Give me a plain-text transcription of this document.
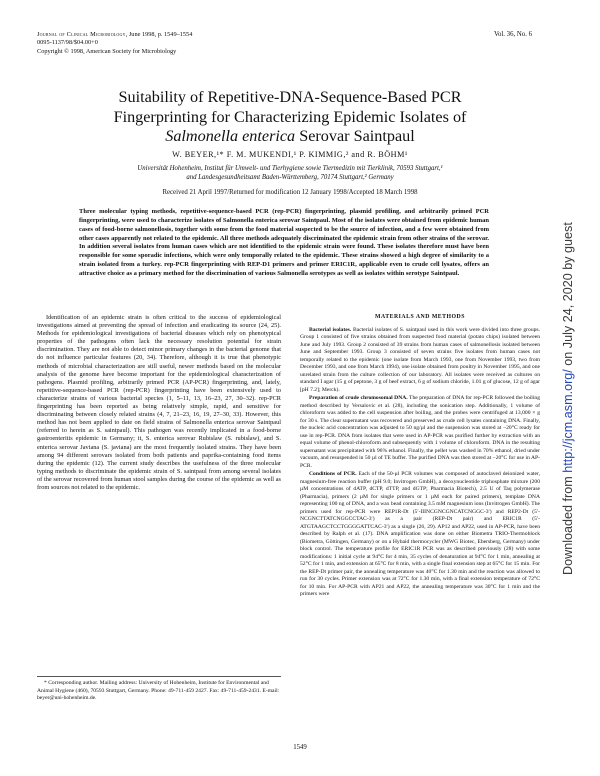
Journal of Clinical Microbiology, June 1998, p. 1549–1554
0095-1137/98/$04.00+0
Copyright © 1998, American Society for Microbiology
Vol. 36, No. 6
Suitability of Repetitive-DNA-Sequence-Based PCR
Fingerprinting for Characterizing Epidemic Isolates of
Salmonella enterica Serovar Saintpaul
W. BEYER,¹* F. M. MUKENDI,¹ P. KIMMIG,² and R. BÖHM¹
Universität Hohenheim, Institut für Umwelt- und Tierhygiene sowie Tiermedizin mit Tierklinik, 70593 Stuttgart,¹
and Landesgesundheitsamt Baden-Württemberg, 70174 Stuttgart,² Germany
Received 21 April 1997/Returned for modification 12 January 1998/Accepted 18 March 1998
Three molecular typing methods, repetitive-sequence-based PCR (rep-PCR) fingerprinting, plasmid profiling, and arbitrarily primed PCR fingerprinting, were used to characterize isolates of Salmonella enterica serovar Saintpaul. Most of the isolates were obtained from epidemic human cases of food-borne salmonellosis, together with some from the food material suspected to be the source of infection, and a few were obtained from other cases apparently not related to the epidemic. All three methods adequately discriminated the epidemic strain from other strains of the serovar. In addition several isolates from human cases which are not identified to the epidemic strain were found. These isolates therefore must have been responsible for some sporadic infections, which were only temporally related to the epidemic. These strains showed a high degree of similarity to a strain isolated from a turkey. rep-PCR fingerprinting with REP-D1 primers and primer ERIC1R, applicable even to crude cell lysates, offers an attractive choice as a primary method for the discrimination of various Salmonella serotypes as well as isolates within serotype Saintpaul.

Identification of an epidemic strain is often critical to the success of epidemiological investigations aimed at preventing the spread of infection and eradicating its source (24, 25). Methods for epidemiological investigations of bacterial diseases which rely on phenotypical properties of the pathogens often lack the necessary resolution potential for strain discrimination. They are not able to detect minor primary changes in the bacterial genome that do not influence particular features (20, 34). Therefore, although it is true that phenotypic methods of microbial characterization are still useful, newer methods based on the molecular analysis of the genome have become important for the epidemiological characterization of pathogens. Plasmid profiling, arbitrarily primed PCR (AP-PCR) fingerprinting, and, lately, repetitive-sequence-based PCR (rep-PCR) fingerprinting have been extensively used to characterize strains of various bacterial species (1, 5–11, 13, 16–23, 27, 30–32). rep-PCR fingerprinting has been reported as being relatively simple, rapid, and sensitive for discriminating between closely related strains (4, 7, 21–23, 16, 19, 27–30, 33). However, this method has not been applied to date on field strains of Salmonella enterica serovar Saintpaul (referred to herein as S. saintpaul). This pathogen was recently implicated in a food-borne gastroenteritis epidemic in Germany; it, S. enterica serovar Rubislaw (S. rubislaw), and S. enterica serovar Javiana (S. javiana) are the most frequently isolated strains. They have been among 94 different serovars isolated from both patients and paprika-containing food items during the epidemic (12). The current study describes the usefulness of the three molecular typing methods to discriminate the epidemic strain of S. saintpaul from among several isolates of the serovar recovered from human stool samples during the course of the epidemic as well as from sources not related to the epidemic.

* Corresponding author. Mailing address: University of Hohenheim, Institute for Environmental and Animal Hygiene (460), 70593 Stuttgart, Germany. Phone: 49-711-459 2427. Fax: 49-711-459-2431. E-mail: beyer@uni-hohenheim.de.
MATERIALS AND METHODS

Bacterial isolates. Bacterial isolates of S. saintpaul used in this work were divided into three groups. Group 1 consisted of five strains obtained from suspected food material (potato chips) isolated between June and July 1993. Group 2 consisted of 39 strains from human cases of salmonellosis isolated between June and September 1993. Group 3 consisted of seven strains five isolates from human cases not temporally related to the epidemic (one isolate from March 1993, one from November 1993, two from December 1993, and one from March 1994), one isolate obtained from poultry in November 1995, and one unrelated strain from the culture collection of our laboratory. All isolates were received as cultures on standard I agar (15 g of peptone, 3 g of beef extract, 6 g of sodium chloride, 1.01 g of glucose, 12 g of agar [pH 7.2]; Merck).

Preparation of crude chromosomal DNA. The preparation of DNA for rep-PCR followed the boiling method described by Versalovic et al. (28), including the sonication step. Additionally, 1 volume of chloroform was added to the cell suspension after boiling, and the probes were centrifuged at 13,000 × g for 30 s. The clear supernatant was recovered and preserved as crude cell lysates containing DNA. Finally, the nucleic acid concentration was adjusted to 50 ng/µl and the suspension was stored at −20°C ready for use in rep-PCR. DNA from isolates that were used in AP-PCR was purified further by extraction with an equal volume of phenol-chloroform and subsequently with 1 volume of chloroform. DNA in the resulting supernatant was precipitated with 96% ethanol. Finally, the pellet was washed in 70% ethanol, dried under vacuum, and resuspended in 50 µl of TE buffer. The purified DNA was then stored at −20°C for use in AP-PCR.

Conditions of PCR. Each of the 50-µl PCR volumes was composed of autoclaved deionized water, magnesium-free reaction buffer (pH 9.0; Invitrogen GmbH), a deoxynucleotide triphosphate mixture (200 µM concentrations of dATP, dCTP, dTTP, and dGTP; Pharmacia Biotech), 2.5 U of Taq polymerase (Pharmacia), primers (2 µM for single primers or 1 µM each for paired primers), template DNA representing 100 ng of DNA, and a wax bead containing 3.5 mM magnesium ions (Invitrogen GmbH). The primers used for rep-PCR were REP1R-Dt (5′-IIINCGNCGNCATCNGGC-3′) and REP2-Dt (5′-NCGNCTTATCNGGCCTAC-3′) as a pair (REP-Dt pair) and ERIC1R (5′-ATGTAAGCTCCTGGGGATTCAC-3′) as a single (26, 29). AP12 and AP22, used in AP-PCR, have been described by Ralph et al. (17). DNA amplification was done on either Biometra TRIO-Thermoblock (Biometra, Göttingen, Germany) or on a Hybaid thermocycler (MWG Biotec, Ebersberg, Germany) under block control. The temperature profile for ERIC1R PCR was as described previously (28) with some modifications: 1 initial cycle at 94°C for 4 min, 35 cycles of denaturation at 94°C for 1 min, annealing at 52°C for 1 min, and extension at 65°C for 8 min, with a single final extension step at 65°C for 15 min. For the REP-Dt primer pair, the annealing temperature was 40°C for 1.30 min and the reaction was allowed to run for 30 cycles. Primer extension was at 72°C for 1.30 min, with a final extension temperature of 72°C for 10 min. For AP-PCR with AP21 and AP22, the annealing temperature was 30°C for 1 min and the primers were

1549
Downloaded from http://jcm.asm.org/ on July 24, 2020 by guest
